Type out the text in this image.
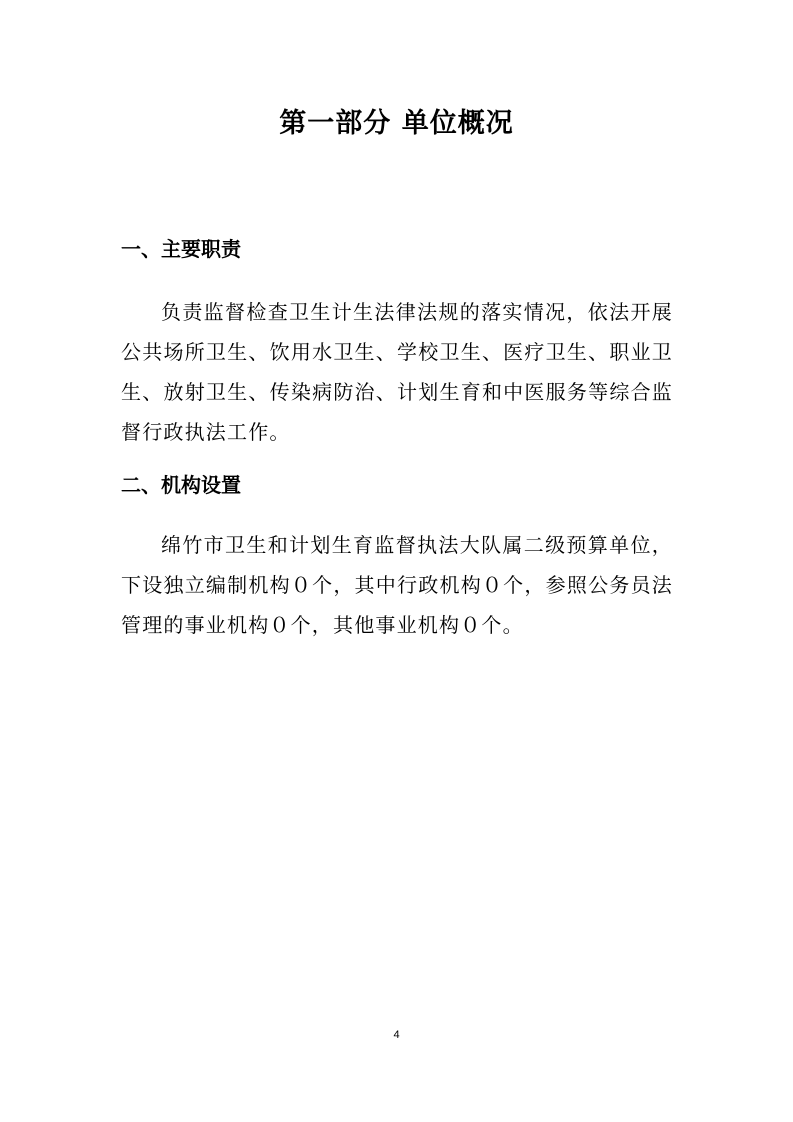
第一部分 单位概况
一、主要职责

负责监督检查卫生计生法律法规的落实情况，依法开展公共场所卫生、饮用水卫生、学校卫生、医疗卫生、职业卫生、放射卫生、传染病防治、计划生育和中医服务等综合监督行政执法工作。

二、机构设置

绵竹市卫生和计划生育监督执法大队属二级预算单位，下设独立编制机构０个，其中行政机构０个，参照公务员法管理的事业机构０个，其他事业机构０个。

4
